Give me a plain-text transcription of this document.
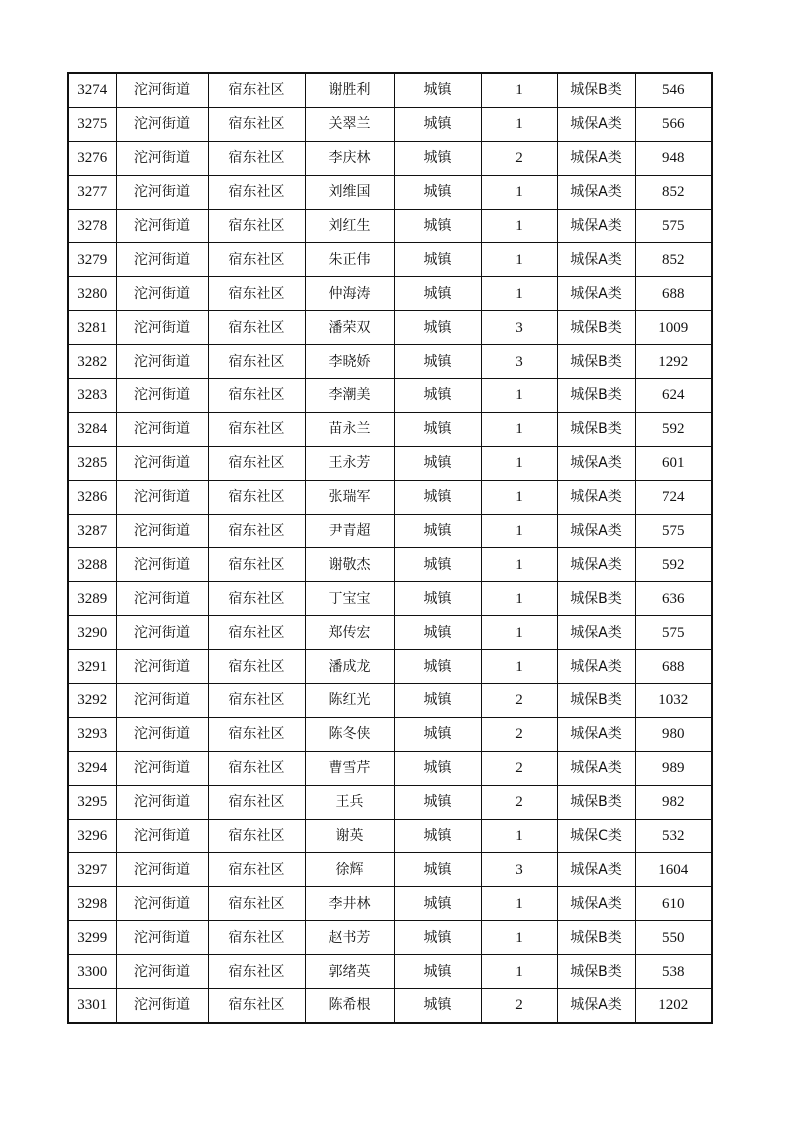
3274	沱河街道	宿东社区	谢胜利	城镇	1	城保B类	546
3275	沱河街道	宿东社区	关翠兰	城镇	1	城保A类	566
3276	沱河街道	宿东社区	李庆林	城镇	2	城保A类	948
3277	沱河街道	宿东社区	刘维国	城镇	1	城保A类	852
3278	沱河街道	宿东社区	刘红生	城镇	1	城保A类	575
3279	沱河街道	宿东社区	朱正伟	城镇	1	城保A类	852
3280	沱河街道	宿东社区	仲海涛	城镇	1	城保A类	688
3281	沱河街道	宿东社区	潘荣双	城镇	3	城保B类	1009
3282	沱河街道	宿东社区	李晓娇	城镇	3	城保B类	1292
3283	沱河街道	宿东社区	李潮美	城镇	1	城保B类	624
3284	沱河街道	宿东社区	苗永兰	城镇	1	城保B类	592
3285	沱河街道	宿东社区	王永芳	城镇	1	城保A类	601
3286	沱河街道	宿东社区	张瑞军	城镇	1	城保A类	724
3287	沱河街道	宿东社区	尹青超	城镇	1	城保A类	575
3288	沱河街道	宿东社区	谢敬杰	城镇	1	城保A类	592
3289	沱河街道	宿东社区	丁宝宝	城镇	1	城保B类	636
3290	沱河街道	宿东社区	郑传宏	城镇	1	城保A类	575
3291	沱河街道	宿东社区	潘成龙	城镇	1	城保A类	688
3292	沱河街道	宿东社区	陈红光	城镇	2	城保B类	1032
3293	沱河街道	宿东社区	陈冬侠	城镇	2	城保A类	980
3294	沱河街道	宿东社区	曹雪芹	城镇	2	城保A类	989
3295	沱河街道	宿东社区	王兵	城镇	2	城保B类	982
3296	沱河街道	宿东社区	谢英	城镇	1	城保C类	532
3297	沱河街道	宿东社区	徐辉	城镇	3	城保A类	1604
3298	沱河街道	宿东社区	李井林	城镇	1	城保A类	610
3299	沱河街道	宿东社区	赵书芳	城镇	1	城保B类	550
3300	沱河街道	宿东社区	郭绪英	城镇	1	城保B类	538
3301	沱河街道	宿东社区	陈希根	城镇	2	城保A类	1202
